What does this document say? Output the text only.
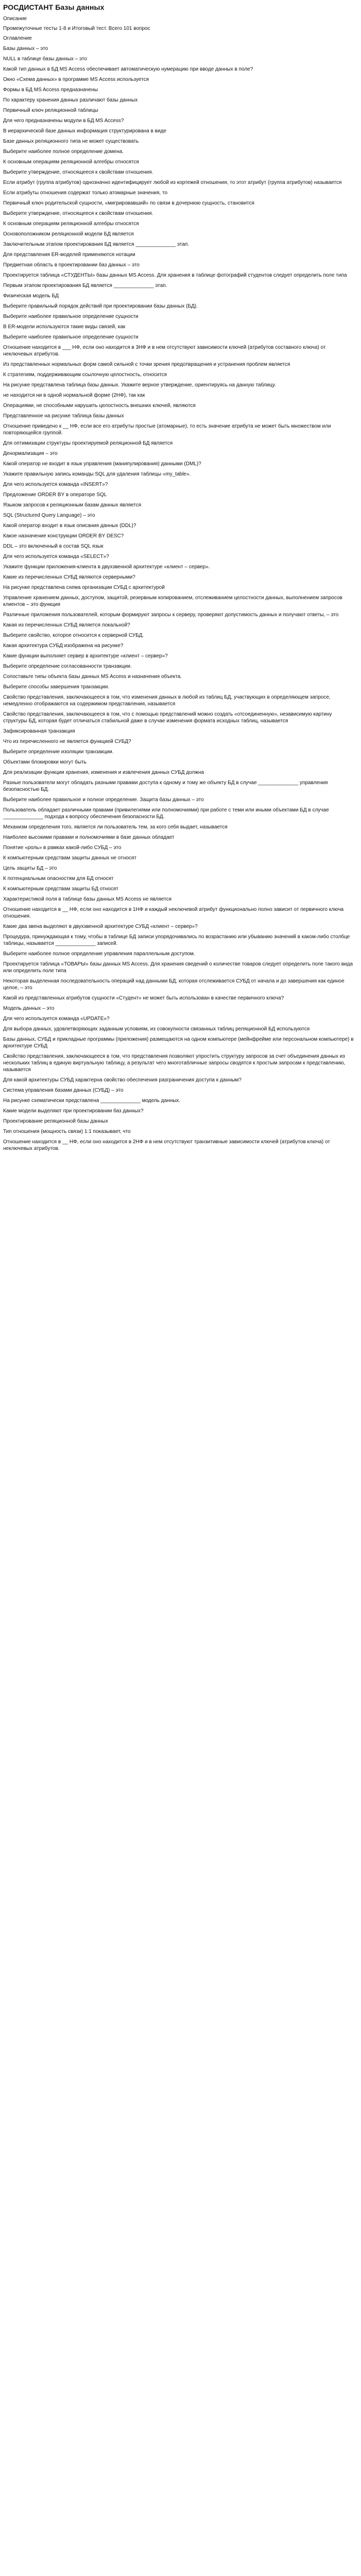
РОСДИСТАНТ Базы данных
Описание
Промежуточные тесты 1-8 и Итоговый тест. Всего 101 вопрос

Оглавление

Базы данных – это

NULL в таблице базы данных – это

Какой тип данных в БД MS Access обеспечивает автоматическую нумерацию при вводе данных в поле?

Окно «Схема данных» в программе MS Access используется

Формы в БД MS Access предназначены

По характеру хранения данных различают базы данных

Первичный ключ реляционной таблицы

Для чего предназначены модули в БД MS Access?

В иерархической базе данных информация структурирована в виде

Базе данных реляционного типа не может существовать

Выберите наиболее полное определение домена.

К основным операциям реляционной алгебры относятся

Выберите утверждение, относящееся к свойствам отношения.

Если атрибут (группа атрибутов) однозначно идентифицирует любой из кортежей отношения, то этот атрибут (группа атрибутов) называется

Если атрибуты отношения содержат только атомарные значения, то

Первичный ключ родительской сущности, «мигрировавший» по связи в дочернюю сущность, становится

Выберите утверждение, относящееся к свойствам отношения.

К основным операциям реляционной алгебры относятся

Основоположником реляционной модели БД является

Заключительным этапом проектирования БД является ______________ этап.

Для представления ER-моделей применяются нотации

Предметная область в проектировании баз данных – это

Проектируется таблица «СТУДЕНТЫ» базы данных MS Access. Для хранения в таблице фотографий студентов следует определить поле типа

Первым этапом проектирования БД является ______________ этап.

Физическая модель БД

Выберите правильный порядок действий при проектировании базы данных (БД).

Выберите наиболее правильное определение сущности

В ER-модели используются такие виды связей, как

Выберите наиболее правильное определение сущности

Отношение находится в ___ НФ, если оно находится в 3НФ и в нем отсутствуют зависимости ключей (атрибутов составного ключа) от неключевых атрибутов.

Из представленных нормальных форм самой сильной с точки зрения предотвращения и устранения проблем является

К стратегиям, поддерживающим ссылочную целостность, относится

На рисунке представлена таблица базы данных. Укажите верное утверждение, ориентируясь на данную таблицу.

не находится ни в одной нормальной форме (2НФ), так как

Операциями, не способными нарушить целостность внешних ключей, являются

Представленное на рисунке таблица базы данных

Отношение приведено к __ НФ, если все его атрибуты простые (атомарные), то есть значение атрибута не может быть множеством или повторяющейся группой.

Для оптимизации структуры проектируемой реляционной БД является

Денормализация – это

Какой оператор не входит в язык управления (манипулирования) данными (DML)?

Укажите правильную запись команды SQL для удаления таблицы «my_table».

Для чего используется команда «INSERT»?

Предложение ORDER BY в операторе SQL

Языком запросов к реляционным базам данных является

SQL (Structured Query Language) – это

Какой оператор входит в язык описания данных (DDL)?

Какое назначение конструкции ORDER BY DESC?

DDL – это включенный в состав SQL язык

Для чего используется команда «SELECT»?

Укажите функции приложения-клиента в двухзвенной архитектуре «клиент – сервер».

Какие из перечисленных СУБД являются серверными?

На рисунке представлена схема организации СУБД с архитектурой

Управление хранением данных, доступом, защитой, резервным копированием, отслеживанием целостности данных, выполнением запросов клиентов – это функция

Различные приложения пользователей, которым формируют запросы к серверу, проверяют допустимость данных и получают ответы, – это

Какая из перечисленных СУБД является локальной?

Выберите свойство, которое относится к серверной СУБД.

Какая архитектура СУБД изображена на рисунке?

Какие функции выполняет сервер в архитектуре «клиент – сервер»?

Выберите определение согласованности транзакции.

Сопоставьте типы объекта базы данных MS Access и назначения объекта.

Выберите способы завершения транзакции.

Свойство представления, заключающееся в том, что изменения данных в любой из таблиц БД, участвующих в определяющем запросе, немедленно отображаются на содержимом представления, называется

Свойство представления, заключающееся в том, что с помощью представлений можно создать «отсоединенную», независимую картину структуры БД, которая будет отличаться стабильной даже в случае изменения формата исходных таблиц, называется

Зафиксированная транзакция

Что из перечисленного не является функцией СУБД?

Выберите определение изоляции транзакции.

Объектами блокировки могут быть

Для реализации функции хранения, изменения и извлечения данных СУБД должна

Разные пользователи могут обладать разными правами доступа к одному и тому же объекту БД в случае ______________ управления безопасностью БД.

Выберите наиболее правильное и полное определение. Защита базы данных – это

Пользователь обладает различными правами (привилегиями или полномочиями) при работе с теми или иными объектами БД в случае ______________ подхода к вопросу обеспечения безопасности БД.

Механизм определения того, является ли пользователь тем, за кого себя выдает, называется

Наиболее высокими правами и полномочиями в базе данных обладает

Понятие «роль» в рамках какой-либо СУБД – это

К компьютерным средствам защиты данных не относят

Цель защиты БД – это

К потенциальным опасностям для БД относят

К компьютерным средствам защиты БД относят

Характеристикой поля в таблице базы данных MS Access не является

Отношение находится в __ НФ, если оно находится в 1НФ и каждый неключевой атрибут функционально полно зависит от первичного ключа отношения.

Какие два звена выделяют в двухзвенной архитектуре СУБД «клиент – сервер»?

Процедура, принуждающая к тому, чтобы в таблице БД записи упорядочивались по возрастанию или убыванию значений в каком-либо столбце таблицы, называется ______________ записей.

Выберите наиболее полное определение управления параллельным доступом.

Проектируется таблица «ТОВАРЫ» базы данных MS Access. Для хранения сведений о количестве товаров следует определить поле такого вида или определить поле типа

Некоторая выделенная последовательность операций над данными БД, которая отслеживается СУБД от начала и до завершения как единое целое, – это

Какой из представленных атрибутов сущности «Студент» не может быть использован в качестве первичного ключа?

Модель данных – это

Для чего используется команда «UPDATE»?

Для выбора данных, удовлетворяющих заданным условиям, из совокупности связанных таблиц реляционной БД используются

Базы данных, СУБД и прикладные программы (приложения) размещаются на одном компьютере (мейнфрейме или персональном компьютере) в архитектуре СУБД

Свойство представления, заключающееся в том, что представления позволяют упростить структуру запросов за счет объединения данных из нескольких таблиц в единую виртуальную таблицу, а результат чего многотабличные запросы сводятся к простым запросам к представлению, называется

Для какой архитектуры СУБД характерна свойство обеспечения разграничения доступа к данным?

Система управления базами данных (СУБД) – это

На рисунке схематически представлена ______________ модель данных.

Какие модели выделяют при проектировании баз данных?

Проектирование реляционной базы данных

Тип отношения (мощность связи) 1:1 показывает, что

Отношение находится в __ НФ, если оно находится в 2НФ и в нем отсутствуют транзитивные зависимости ключей (атрибутов ключа) от неключевых атрибутов.
